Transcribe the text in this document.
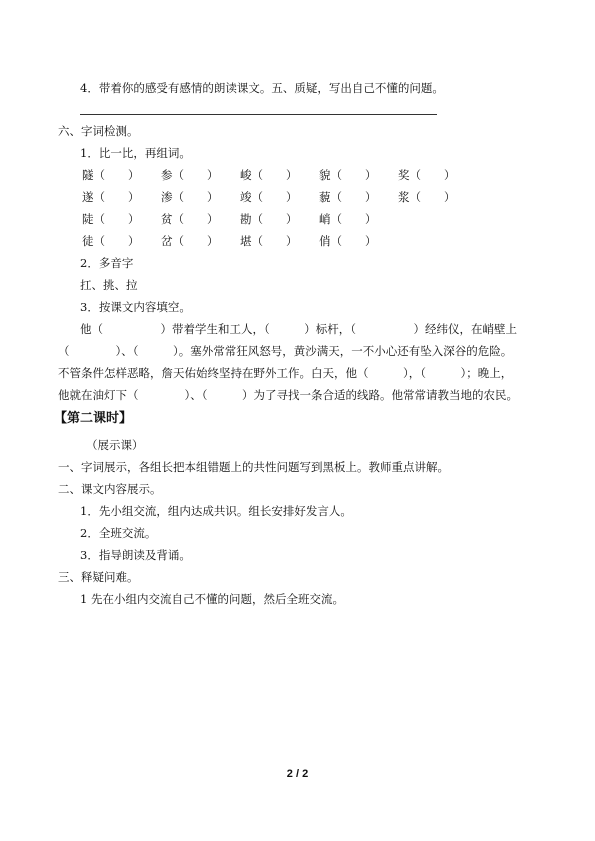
4．带着你的感受有感情的朗读课文。五、质疑，写出自己不懂的问题。
六、字词检测。
1．比一比，再组词。
隧（　　） 参（　　） 峻（　　） 貌（　　） 奖（　　）
遂（　　） 渗（　　） 竣（　　） 藐（　　） 浆（　　）
陡（　　） 贫（　　） 勘（　　） 峭（　　）
徒（　　） 岔（　　） 堪（　　） 俏（　　）
2．多音字
扛、挑、拉
3．按课文内容填空。
他（　　　　　）带着学生和工人，（　　　）标杆，（　　　　　）经纬仪，在峭壁上
（　　　　）、（　　　）。塞外常常狂风怒号，黄沙满天，一不小心还有坠入深谷的危险。
不管条件怎样恶略，詹天佑始终坚持在野外工作。白天，他（　　　），（　　　）；晚上，
他就在油灯下（　　　　）、（　　　）为了寻找一条合适的线路。他常常请教当地的农民。
【第二课时】
（展示课）
一、字词展示，各组长把本组错题上的共性问题写到黑板上。教师重点讲解。
二、课文内容展示。
1．先小组交流，组内达成共识。组长安排好发言人。
2．全班交流。
3．指导朗读及背诵。
三、释疑问难。
1 先在小组内交流自己不懂的问题，然后全班交流。
2 / 2
